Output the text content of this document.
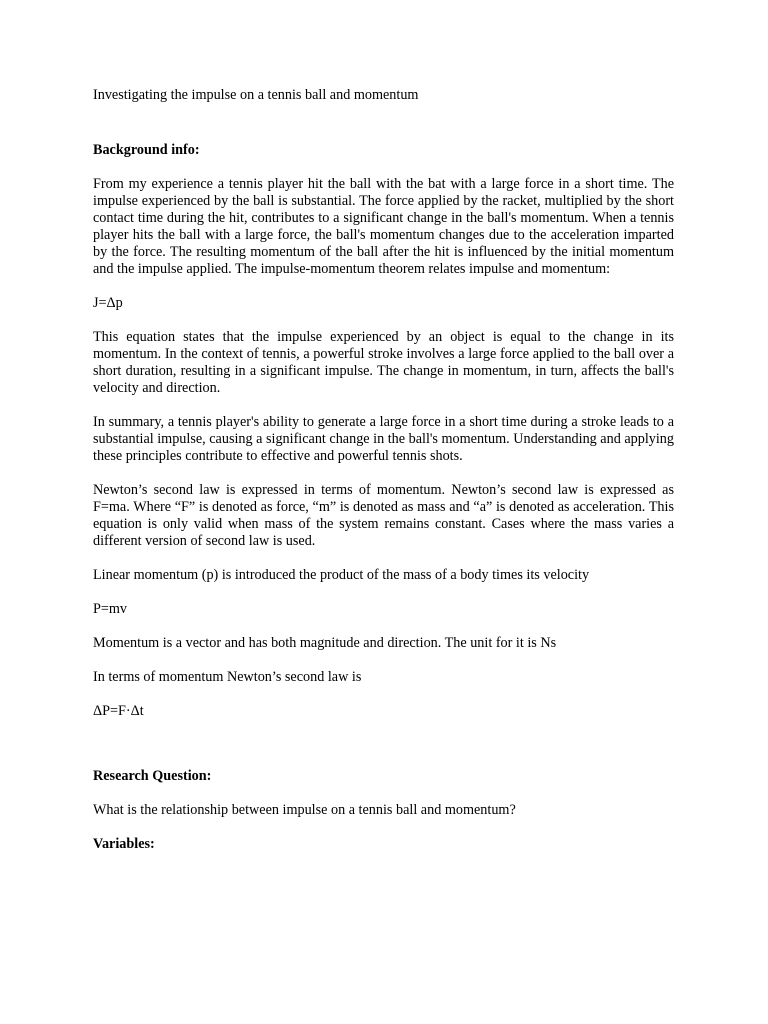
Investigating the impulse on a tennis ball and momentum

Background info:

From my experience a tennis player hit the ball with the bat with a large force in a short time. The impulse experienced by the ball is substantial. The force applied by the racket, multiplied by the short contact time during the hit, contributes to a significant change in the ball's momentum. When a tennis player hits the ball with a large force, the ball's momentum changes due to the acceleration imparted by the force. The resulting momentum of the ball after the hit is influenced by the initial momentum and the impulse applied. The impulse-momentum theorem relates impulse and momentum:

J=Δp

This equation states that the impulse experienced by an object is equal to the change in its momentum. In the context of tennis, a powerful stroke involves a large force applied to the ball over a short duration, resulting in a significant impulse. The change in momentum, in turn, affects the ball's velocity and direction.

In summary, a tennis player's ability to generate a large force in a short time during a stroke leads to a substantial impulse, causing a significant change in the ball's momentum. Understanding and applying these principles contribute to effective and powerful tennis shots.

Newton’s second law is expressed in terms of momentum. Newton’s second law is expressed as F=ma. Where “F” is denoted as force, “m” is denoted as mass and “a” is denoted as acceleration. This equation is only valid when mass of the system remains constant. Cases where the mass varies a different version of second law is used.

Linear momentum (p) is introduced the product of the mass of a body times its velocity

P=mv

Momentum is a vector and has both magnitude and direction. The unit for it is Ns

In terms of momentum Newton’s second law is

ΔP=F·Δt

Research Question:

What is the relationship between impulse on a tennis ball and momentum?

Variables:
